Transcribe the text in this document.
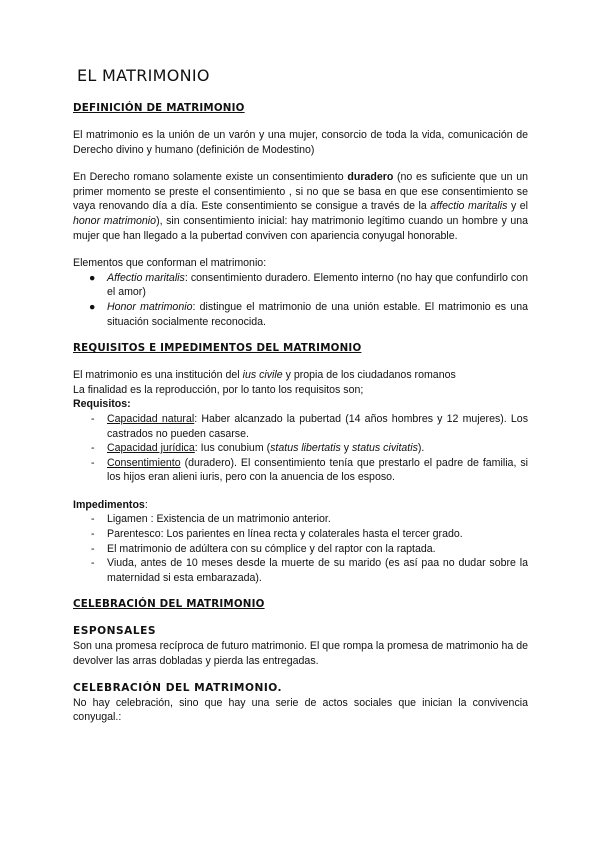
EL MATRIMONIO
DEFINICIÓN DE MATRIMONIO

El matrimonio es la unión de un varón y una mujer, consorcio de toda la vida, comunicación de Derecho divino y humano (definición de Modestino)

En Derecho romano solamente existe un consentimiento duradero (no es suficiente que un un primer momento se preste el consentimiento , si no que se basa en que ese consentimiento se vaya renovando día a día. Este consentimiento se consigue a través de la affectio maritalis y el honor matrimonio), sin consentimiento inicial: hay matrimonio legítimo cuando un hombre y una mujer que han llegado a la pubertad conviven con apariencia conyugal honorable.

Elementos que conforman el matrimonio:

● Affectio maritalis: consentimiento duradero. Elemento interno (no hay que confundirlo con el amor)
● Honor matrimonio: distingue el matrimonio de una unión estable. El matrimonio es una situación socialmente reconocida.
REQUISITOS E IMPEDIMENTOS DEL MATRIMONIO

El matrimonio es una institución del ius civile y propia de los ciudadanos romanos

La finalidad es la reproducción, por lo tanto los requisitos son;

Requisitos:

- Capacidad natural: Haber alcanzado la pubertad (14 años hombres y 12 mujeres). Los castrados no pueden casarse.
- Capacidad jurídica: Ius conubium (status libertatis y status civitatis).
- Consentimiento (duradero). El consentimiento tenía que prestarlo el padre de familia, si los hijos eran alieni iuris, pero con la anuencia de los esposo.

Impedimentos:

- Ligamen : Existencia de un matrimonio anterior.
- Parentesco: Los parientes en línea recta y colaterales hasta el tercer grado.
- El matrimonio de adúltera con su cómplice y del raptor con la raptada.
- Viuda, antes de 10 meses desde la muerte de su marido (es así paa no dudar sobre la maternidad si esta embarazada).
CELEBRACIÓN DEL MATRIMONIO
ESPONSALES

Son una promesa recíproca de futuro matrimonio. El que rompa la promesa de matrimonio ha de devolver las arras dobladas y pierda las entregadas.

CELEBRACIÓN DEL MATRIMONIO.

No hay celebración, sino que hay una serie de actos sociales que inician la convivencia conyugal.:
